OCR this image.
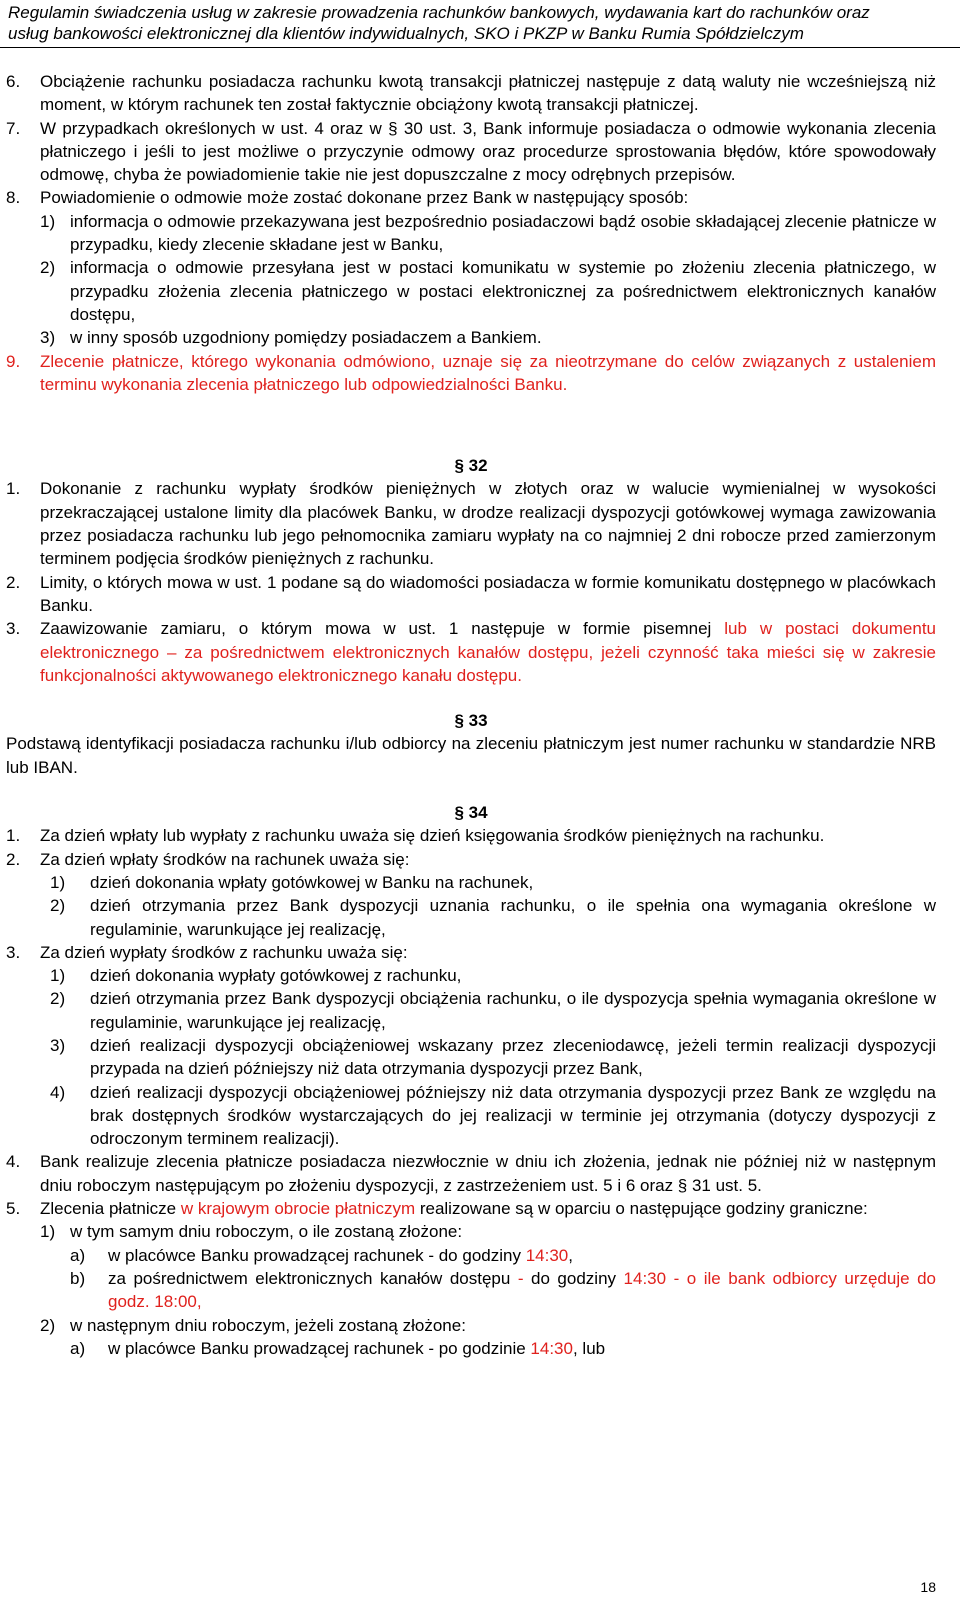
Regulamin świadczenia usług w zakresie prowadzenia rachunków bankowych, wydawania kart do rachunków oraz
usług bankowości elektronicznej dla klientów indywidualnych, SKO i PKZP w Banku Rumia Spółdzielczym
6.	Obciążenie rachunku posiadacza rachunku kwotą transakcji płatniczej następuje z datą waluty nie wcześniejszą niż moment, w którym rachunek ten został faktycznie obciążony kwotą transakcji płatniczej.
7.	W przypadkach określonych w ust. 4 oraz w § 30 ust. 3, Bank informuje posiadacza o odmowie wykonania zlecenia płatniczego i jeśli to jest możliwe o przyczynie odmowy oraz procedurze sprostowania błędów, które spowodowały odmowę, chyba że powiadomienie takie nie jest dopuszczalne z mocy odrębnych przepisów.
8.	Powiadomienie o odmowie może zostać dokonane przez Bank w następujący sposób:
1) informacja o odmowie przekazywana jest bezpośrednio posiadaczowi bądź osobie składającej zlecenie płatnicze w przypadku, kiedy zlecenie składane jest w Banku,
2) informacja o odmowie przesyłana jest w postaci komunikatu w systemie po złożeniu zlecenia płatniczego, w przypadku złożenia zlecenia płatniczego w postaci elektronicznej za pośrednictwem elektronicznych kanałów dostępu,
3) w inny sposób uzgodniony pomiędzy posiadaczem a Bankiem.
9.	Zlecenie płatnicze, którego wykonania odmówiono, uznaje się za nieotrzymane do celów związanych z ustaleniem terminu wykonania zlecenia płatniczego lub odpowiedzialności Banku.
§ 32
1.	Dokonanie z rachunku wypłaty środków pieniężnych w złotych oraz w walucie wymienialnej w wysokości przekraczającej ustalone limity dla placówek Banku, w drodze realizacji dyspozycji gotówkowej wymaga zawizowania przez posiadacza rachunku lub jego pełnomocnika zamiaru wypłaty na co najmniej 2 dni robocze przed zamierzonym terminem podjęcia środków pieniężnych z rachunku.
2.	Limity, o których mowa w ust. 1 podane są do wiadomości posiadacza w formie komunikatu dostępnego w placówkach Banku.
3.	Zaawizowanie zamiaru, o którym mowa w ust. 1 następuje w formie pisemnej lub w postaci dokumentu elektronicznego – za pośrednictwem elektronicznych kanałów dostępu, jeżeli czynność taka mieści się w zakresie funkcjonalności aktywowanego elektronicznego kanału dostępu.
§ 33
Podstawą identyfikacji posiadacza rachunku i/lub odbiorcy na zleceniu płatniczym jest numer rachunku w standardzie NRB lub IBAN.
§ 34
1.	Za dzień wpłaty lub wypłaty z rachunku uważa się dzień księgowania środków pieniężnych na rachunku.
2.	Za dzień wpłaty środków na rachunek uważa się:
1)	dzień dokonania wpłaty gotówkowej w Banku na rachunek,
2)	dzień otrzymania przez Bank dyspozycji uznania rachunku, o ile spełnia ona wymagania określone w regulaminie, warunkujące jej realizację,
3.	Za dzień wypłaty środków z rachunku uważa się:
1)	dzień dokonania wypłaty gotówkowej z rachunku,
2)	dzień otrzymania przez Bank dyspozycji obciążenia rachunku, o ile dyspozycja spełnia wymagania określone w regulaminie, warunkujące jej realizację,
3)	dzień realizacji dyspozycji obciążeniowej wskazany przez zleceniodawcę, jeżeli termin realizacji dyspozycji przypada na dzień późniejszy niż data otrzymania dyspozycji przez Bank,
4)	dzień realizacji dyspozycji obciążeniowej późniejszy niż data otrzymania dyspozycji przez Bank ze względu na brak dostępnych środków wystarczających do jej realizacji w terminie jej otrzymania (dotyczy dyspozycji z odroczonym terminem realizacji).
4.	Bank realizuje zlecenia płatnicze posiadacza niezwłocznie w dniu ich złożenia, jednak nie później niż w następnym dniu roboczym następującym po złożeniu dyspozycji, z zastrzeżeniem ust. 5 i 6 oraz § 31 ust. 5.
5.	Zlecenia płatnicze w krajowym obrocie płatniczym realizowane są w oparciu o następujące godziny graniczne:
1) w tym samym dniu roboczym, o ile zostaną złożone:
a)	w placówce Banku prowadzącej rachunek - do godziny 14:30,
b)	za pośrednictwem elektronicznych kanałów dostępu - do godziny 14:30 - o ile bank odbiorcy urzęduje do godz. 18:00,
2) w następnym dniu roboczym, jeżeli zostaną złożone:
a)	w placówce Banku prowadzącej rachunek - po godzinie 14:30, lub
18
